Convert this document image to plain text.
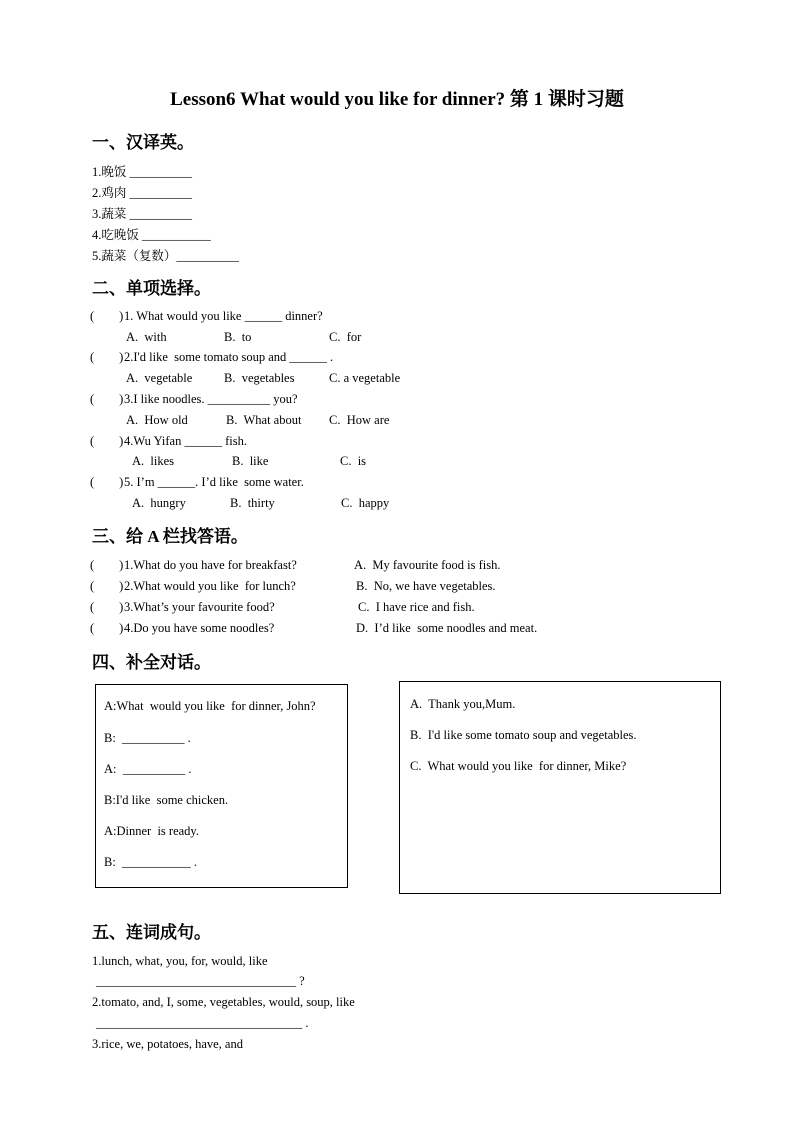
Lesson6 What would you like for dinner? 第 1 课时习题
一、汉译英。
1.晚饭 __________
2.鸡肉 __________
3.蔬菜 __________
4.吃晚饭 ___________
5.蔬菜（复数）__________
二、单项选择。
(        ) 1. What would you like ______ dinner?
A.  with	B.  to	C.  for
(        ) 2.I'd like  some tomato soup and ______ .
A.  vegetable	B.  vegetables	C. a vegetable
(        ) 3.I like noodles. __________ you?
A.  How old	B.  What about C.  How are
(        ) 4.Wu Yifan ______ fish.
A.  likes	B.  like	C.  is
(        ) 5. I’m ______. I’d like  some water.
A.  hungry	B.  thirty	C.  happy
三、给 A 栏找答语。
(        ) 1.What do you have for breakfast?	A.  My favourite food is fish.
(        ) 2.What would you like  for lunch?	B.  No, we have vegetables.
(        ) 3.What’s your favourite food?	C.  I have rice and fish.
(        ) 4.Do you have some noodles?	D.  I’d like  some noodles and meat.
四、补全对话。
A:What  would you like  for dinner, John?
B:  __________ .
A:  __________ .
B:I'd like  some chicken.
A:Dinner  is ready.
B:  ___________ .
A.  Thank you,Mum.
B.  I'd like some tomato soup and vegetables.
C.  What would you like  for dinner, Mike?
五、连词成句。
1.lunch, what, you, for, would, like
________________________________ ?
2.tomato, and, I, some, vegetables, would, soup, like
_________________________________ .
3.rice, we, potatoes, have, and
